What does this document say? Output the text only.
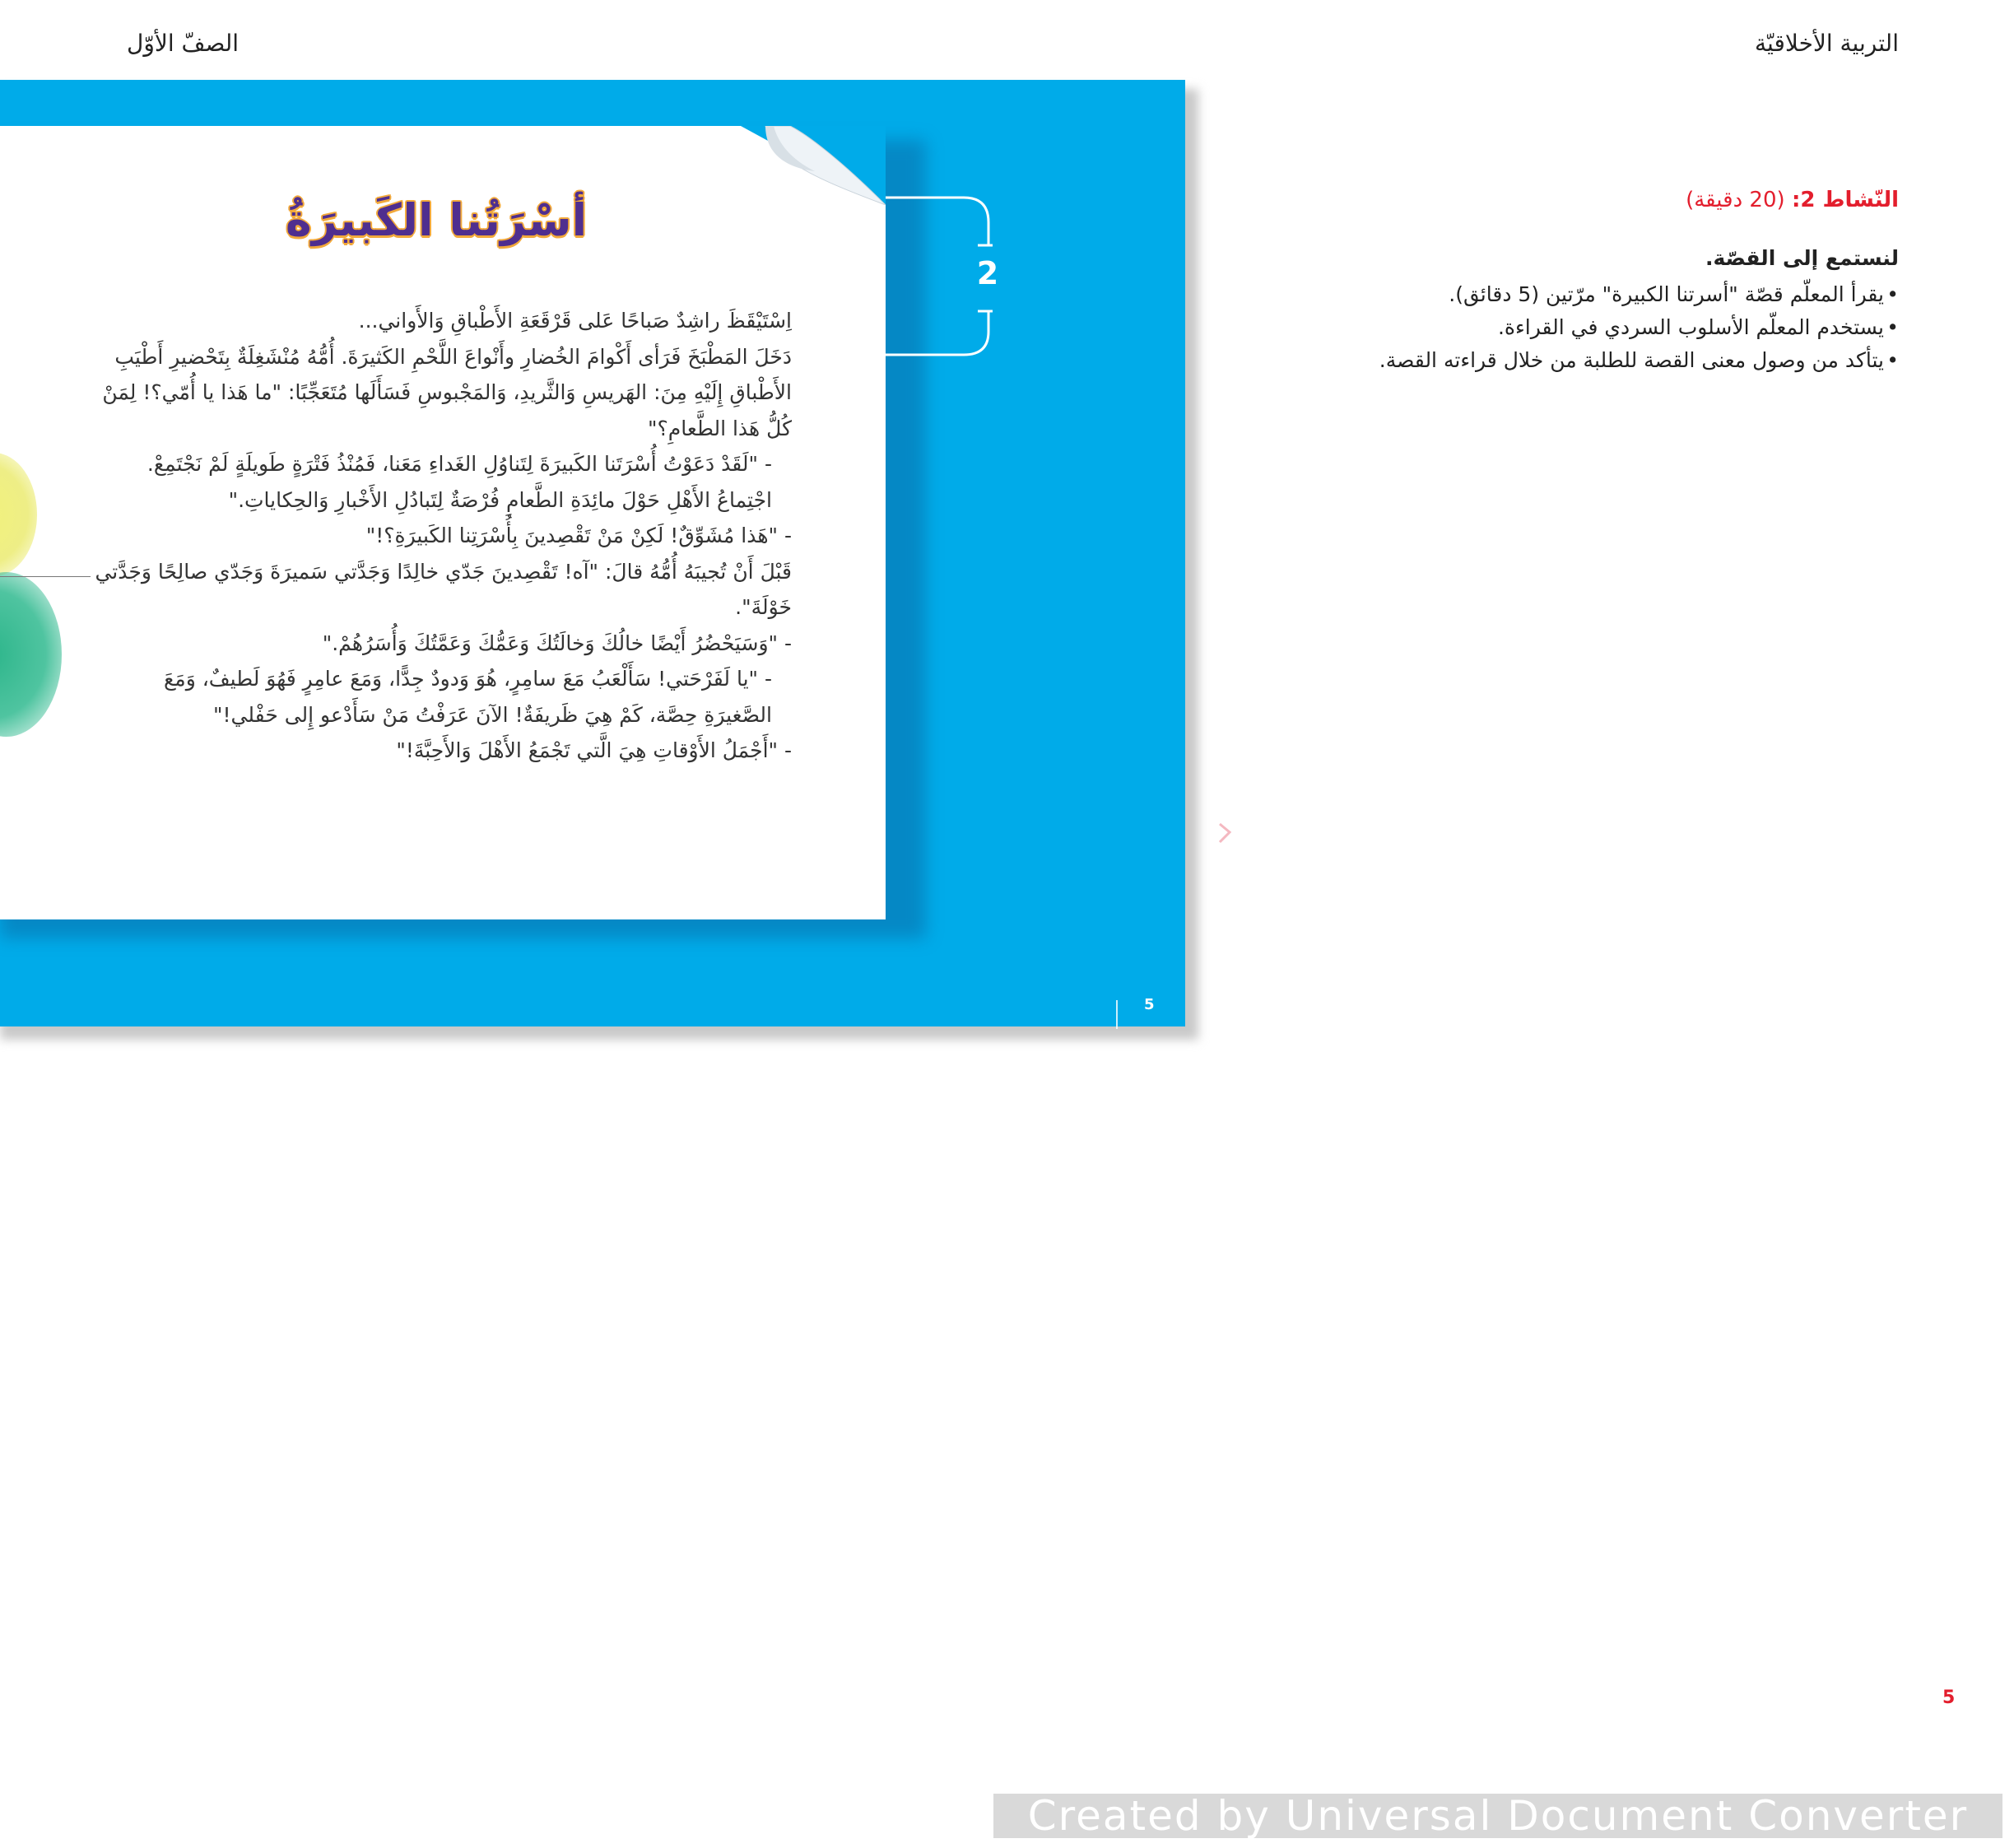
الصفّ الأوّل	التربية الأخلاقيّة
أسْرَتُنا الكَبيرَةُ

اِسْتَيْقَظَ راشِدٌ صَباحًا عَلى قَرْقَعَةِ الأَطْباقِ وَالأَواني...

دَخَلَ المَطْبَخَ فَرَأى أَكْوامَ الخُضارِ وأَنْواعَ اللَّحْمِ الكَثيرَةَ. أُمُّهُ مُنْشَغِلَةٌ بِتَحْضيرِ أَطْيَبِ الأَطْباقِ إِلَيْهِ مِنَ: الهَريسِ وَالثَّريدِ، وَالمَجْبوسِ فَسَأَلَها مُتَعَجِّبًا: "ما هَذا يا أُمّي؟! لِمَنْ كُلُّ هَذا الطَّعامِ؟"

- "لَقَدْ دَعَوْتُ أُسْرَتَنا الكَبيرَةَ لِتَناوُلِ الغَداءِ مَعَنا، فَمُنْذُ فَتْرَةٍ طَويلَةٍ لَمْ نَجْتَمِعْ. اجْتِماعُ الأَهْلِ حَوْلَ مائِدَةِ الطَّعامِ فُرْصَةٌ لِتَبادُلِ الأَخْبارِ وَالحِكاياتِ."

- "هَذا مُشَوِّقٌ! لَكِنْ مَنْ تَقْصِدينَ بِأُسْرَتِنا الكَبيرَةِ؟!"

قَبْلَ أَنْ تُجيبَهُ أُمُّهُ قالَ: "آه! تَقْصِدينَ جَدّي خالِدًا وَجَدَّتي سَميرَةَ وَجَدّي صالِحًا وَجَدَّتي خَوْلَةَ".

- "وَسَيَحْضُرُ أَيْضًا خالُكَ وَخالَتُكَ وَعَمُّكَ وَعَمَّتُكَ وَأُسَرُهُمْ."

- "يا لَفَرْحَتي! سَأَلْعَبُ مَعَ سامِرٍ، هُوَ وَدودٌ جِدًّا، وَمَعَ عامِرٍ فَهُوَ لَطيفٌ، وَمَعَ الصَّغيرَةِ حِصَّة، كَمْ هِيَ ظَريفَةٌ! الآنَ عَرَفْتُ مَنْ سَأَدْعو إِلى حَفْلي!"

- "أَجْمَلُ الأَوْقاتِ هِيَ الَّتي تَجْمَعُ الأَهْلَ وَالأَحِبَّةَ!"

2
5
النّشاط 2: (20 دقيقة)

لنستمع إلى القصّة.

• يقرأ المعلّم قصّة "أسرتنا الكبيرة" مرّتين (5 دقائق).
• يستخدم المعلّم الأسلوب السردي في القراءة.
• يتأكد من وصول معنى القصة للطلبة من خلال قراءته القصة.
5
Created by Universal Document Converter
